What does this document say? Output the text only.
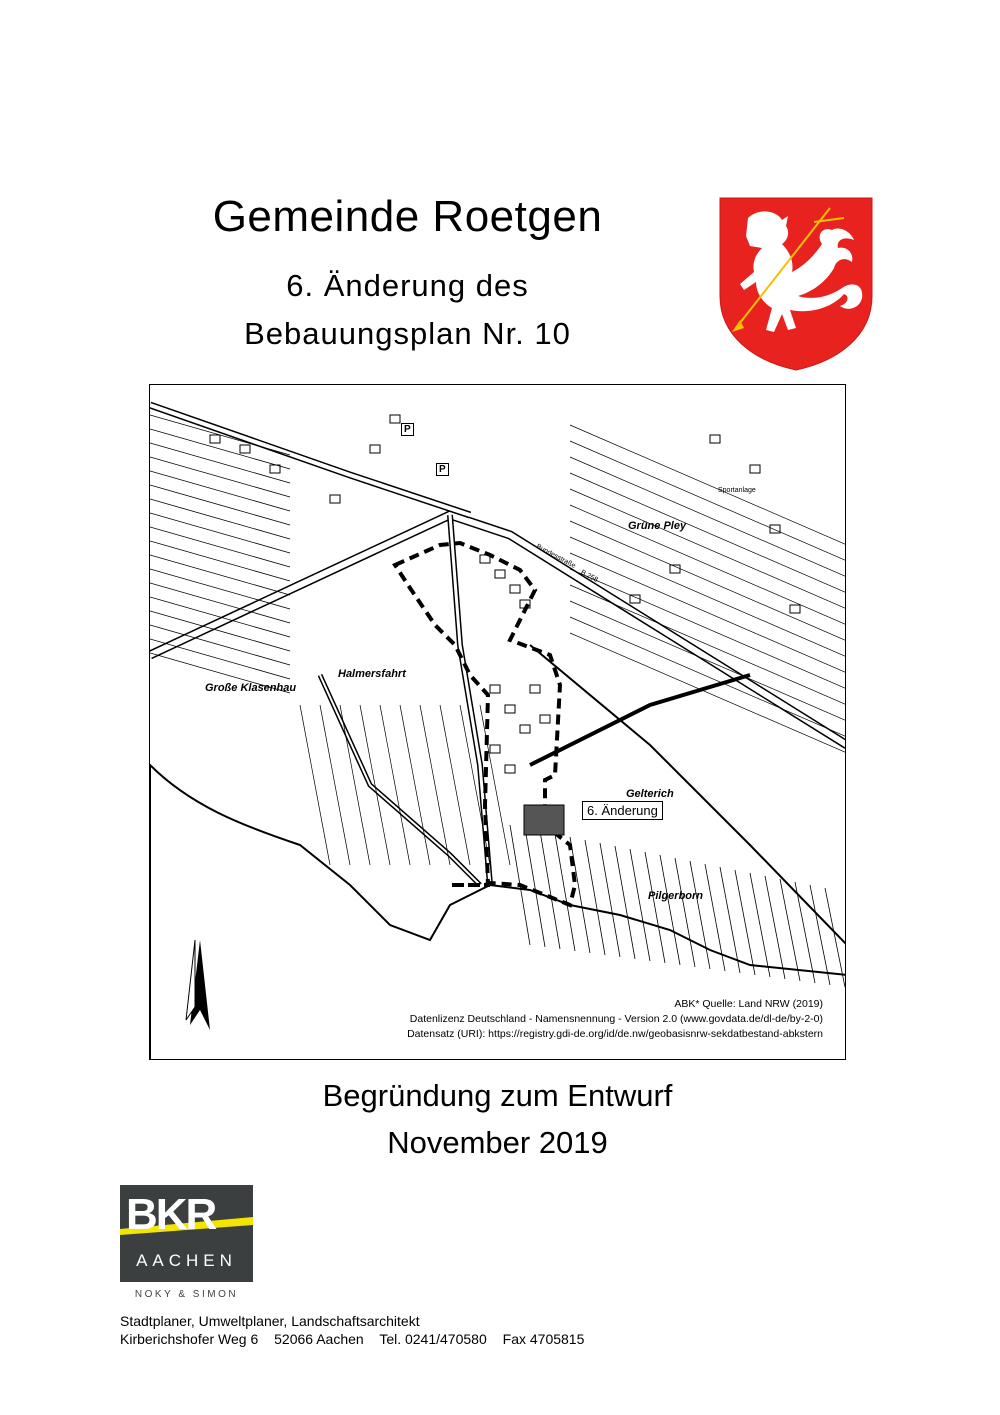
Gemeinde Roetgen
6. Änderung des
Bebauungsplan Nr. 10
Grüne Pley
Halmersfahrt
Große Klasenhau
Gelterich
Pilgerborn
Sportanlage
B 258
Bundesstraße
P
P
6. Änderung
ABK* Quelle: Land NRW (2019)
Datenlizenz Deutschland - Namensnennung - Version 2.0 (www.govdata.de/dl-de/by-2-0)
Datensatz (URI): https://registry.gdi-de.org/id/de.nw/geobasisnrw-sekdatbestand-abkstern
Begründung zum Entwurf
November 2019
BKR
AACHEN
NOKY & SIMON
Stadtplaner, Umweltplaner, Landschaftsarchitekt
Kirberichshofer Weg 6 52066 Aachen Tel. 0241/470580 Fax 4705815
